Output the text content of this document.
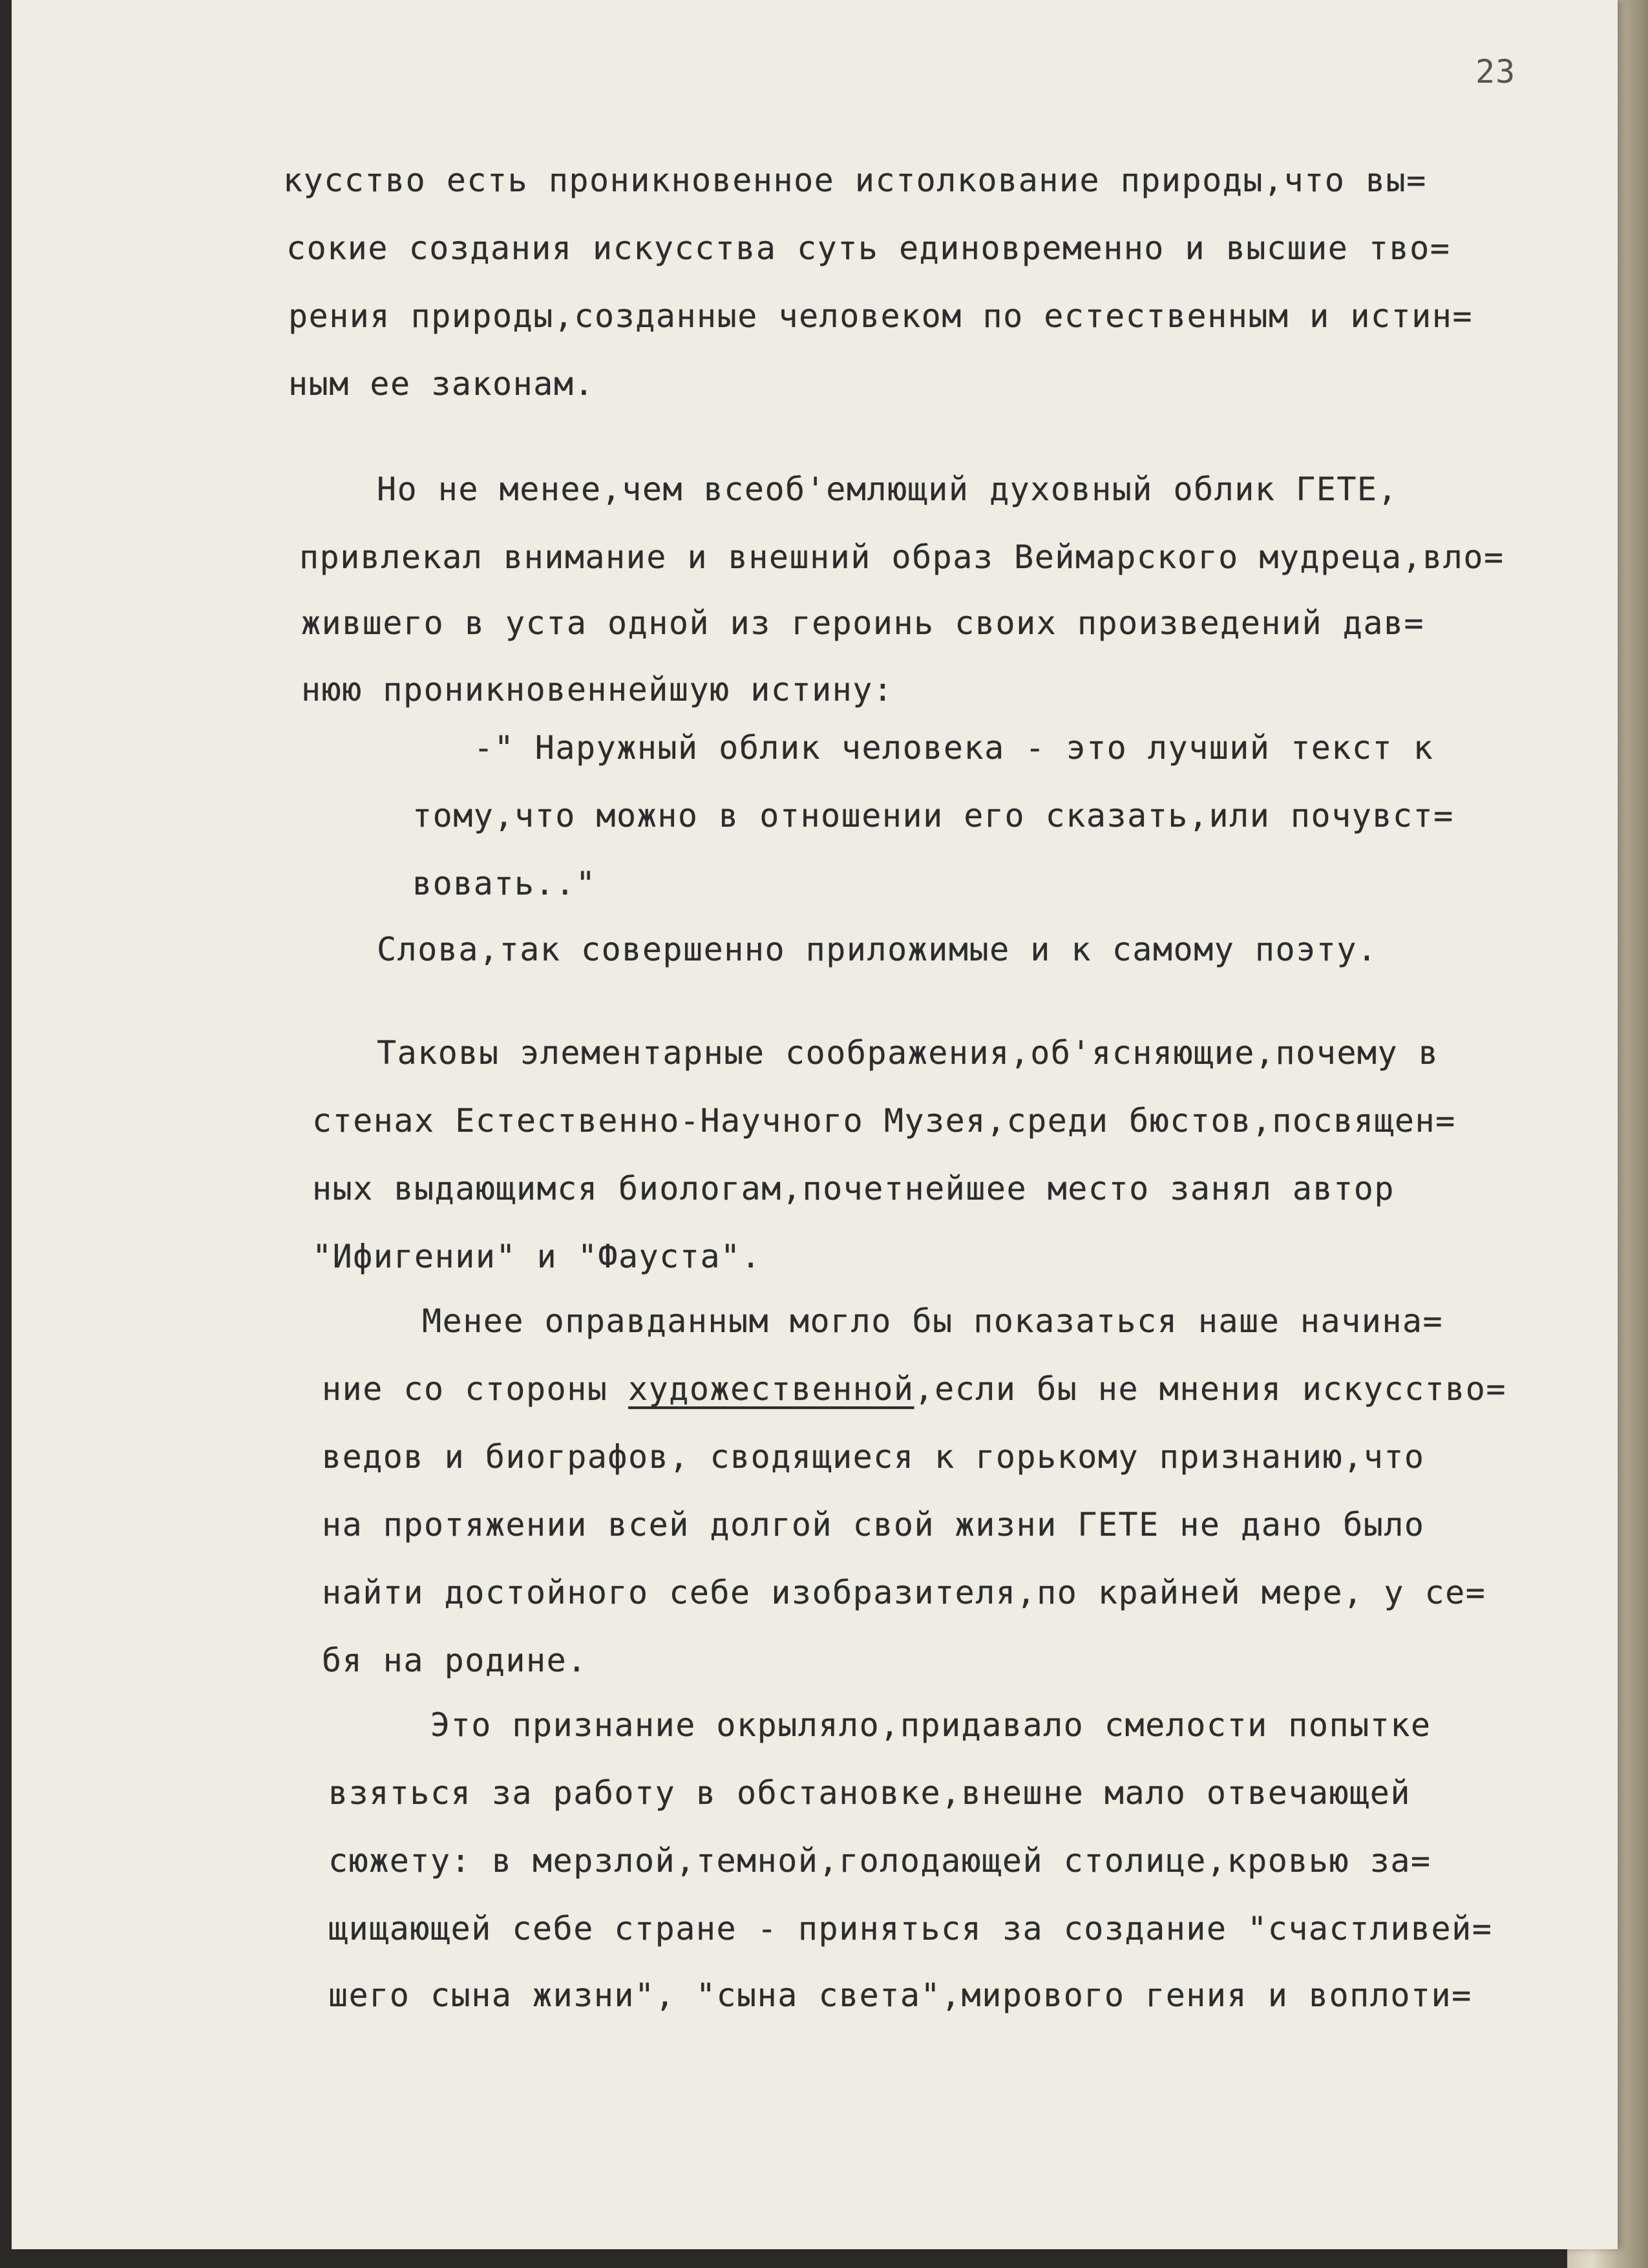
23
кусство есть проникновенное истолкование природы,что вы=
сокие создания искусства суть единовременно и высшие тво=
рения природы,созданные человеком по естественным и истин=
ным ее законам.
Но не менее,чем всеоб'емлющий духовный облик ГЕТЕ,
привлекал внимание и внешний образ Веймарского мудреца,вло=
жившего в уста одной из героинь своих произведений дав=
нюю проникновеннейшую истину:
-" Наружный облик человека - это лучший текст к
тому,что можно в отношении его сказать,или почувст=
вовать.."
Слова,так совершенно приложимые и к самому поэту.
Таковы элементарные соображения,об'ясняющие,почему в
стенах Естественно-Научного Музея,среди бюстов,посвящен=
ных выдающимся биологам,почетнейшее место занял автор
"Ифигении" и "Фауста".
Менее оправданным могло бы показаться наше начина=
ние со стороны художественной,если бы не мнения искусство=
ведов и биографов, сводящиеся к горькому признанию,что
на протяжении всей долгой свой жизни ГЕТЕ не дано было
найти достойного себе изобразителя,по крайней мере, у се=
бя на родине.
Это признание окрыляло,придавало смелости попытке
взяться за работу в обстановке,внешне мало отвечающей
сюжету: в мерзлой,темной,голодающей столице,кровью за=
щищающей себе стране - приняться за создание "счастливей=
шего сына жизни", "сына света",мирового гения и воплоти=
